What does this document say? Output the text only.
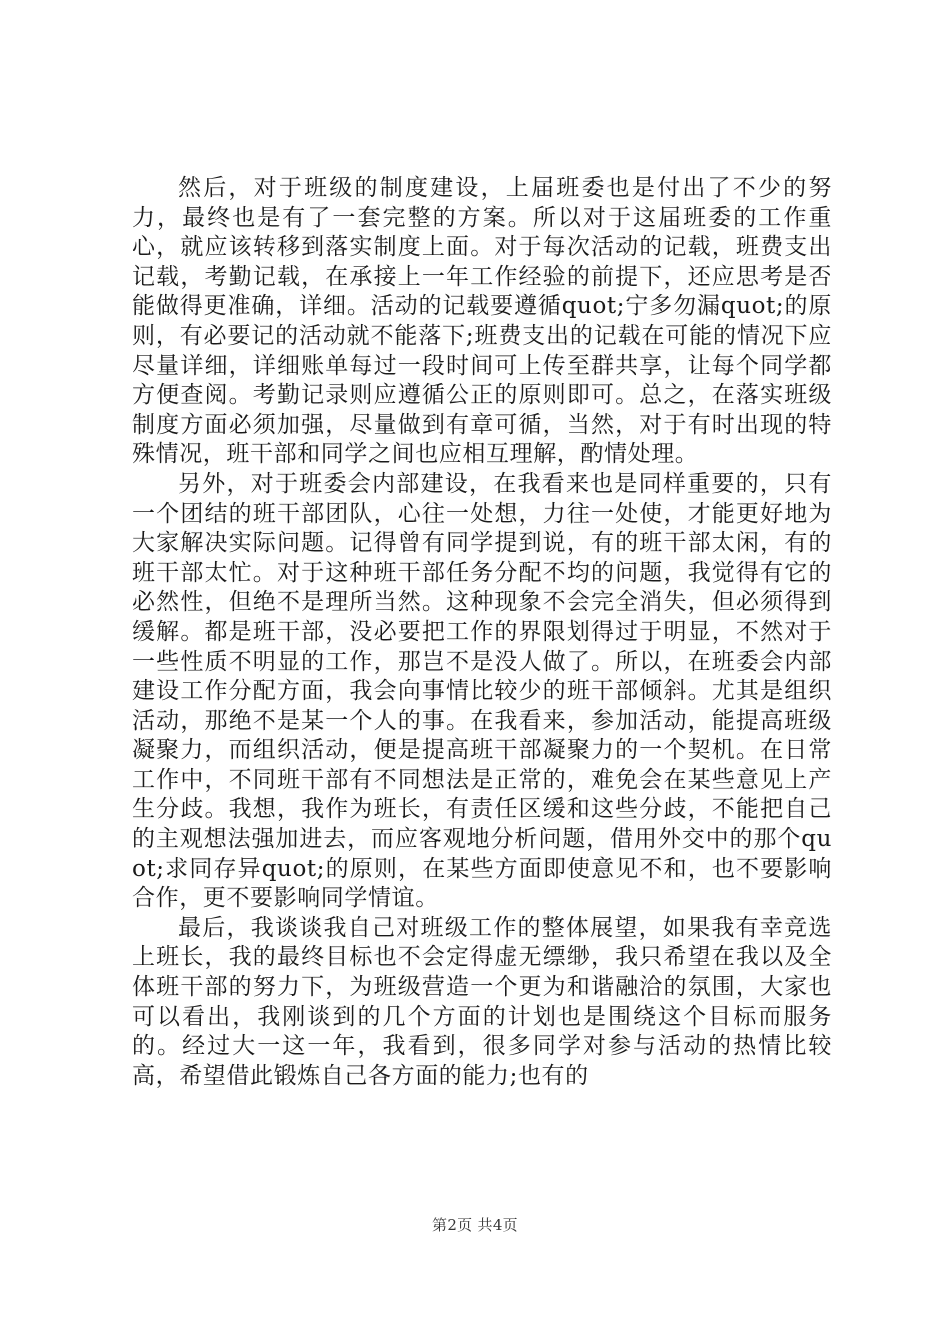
然后，对于班级的制度建设，上届班委也是付出了不少的努力，最终也是有了一套完整的方案。所以对于这届班委的工作重心，就应该转移到落实制度上面。对于每次活动的记载，班费支出记载，考勤记载，在承接上一年工作经验的前提下，还应思考是否能做得更准确，详细。活动的记载要遵循quot;宁多勿漏quot;的原则，有必要记的活动就不能落下;班费支出的记载在可能的情况下应尽量详细，详细账单每过一段时间可上传至群共享，让每个同学都方便查阅。考勤记录则应遵循公正的原则即可。总之，在落实班级制度方面必须加强，尽量做到有章可循，当然，对于有时出现的特殊情况，班干部和同学之间也应相互理解，酌情处理。

另外，对于班委会内部建设，在我看来也是同样重要的，只有一个团结的班干部团队，心往一处想，力往一处使，才能更好地为大家解决实际问题。记得曾有同学提到说，有的班干部太闲，有的班干部太忙。对于这种班干部任务分配不均的问题，我觉得有它的必然性，但绝不是理所当然。这种现象不会完全消失，但必须得到缓解。都是班干部，没必要把工作的界限划得过于明显，不然对于一些性质不明显的工作，那岂不是没人做了。所以，在班委会内部建设工作分配方面，我会向事情比较少的班干部倾斜。尤其是组织活动，那绝不是某一个人的事。在我看来，参加活动，能提高班级凝聚力，而组织活动，便是提高班干部凝聚力的一个契机。在日常工作中，不同班干部有不同想法是正常的，难免会在某些意见上产生分歧。我想，我作为班长，有责任区缓和这些分歧，不能把自己的主观想法强加进去，而应客观地分析问题，借用外交中的那个quot;求同存异quot;的原则，在某些方面即使意见不和，也不要影响合作，更不要影响同学情谊。

最后，我谈谈我自己对班级工作的整体展望，如果我有幸竞选上班长，我的最终目标也不会定得虚无缥缈，我只希望在我以及全体班干部的努力下，为班级营造一个更为和谐融洽的氛围，大家也可以看出，我刚谈到的几个方面的计划也是围绕这个目标而服务的。经过大一这一年，我看到，很多同学对参与活动的热情比较高，希望借此锻炼自己各方面的能力;也有的

第2页 共4页
